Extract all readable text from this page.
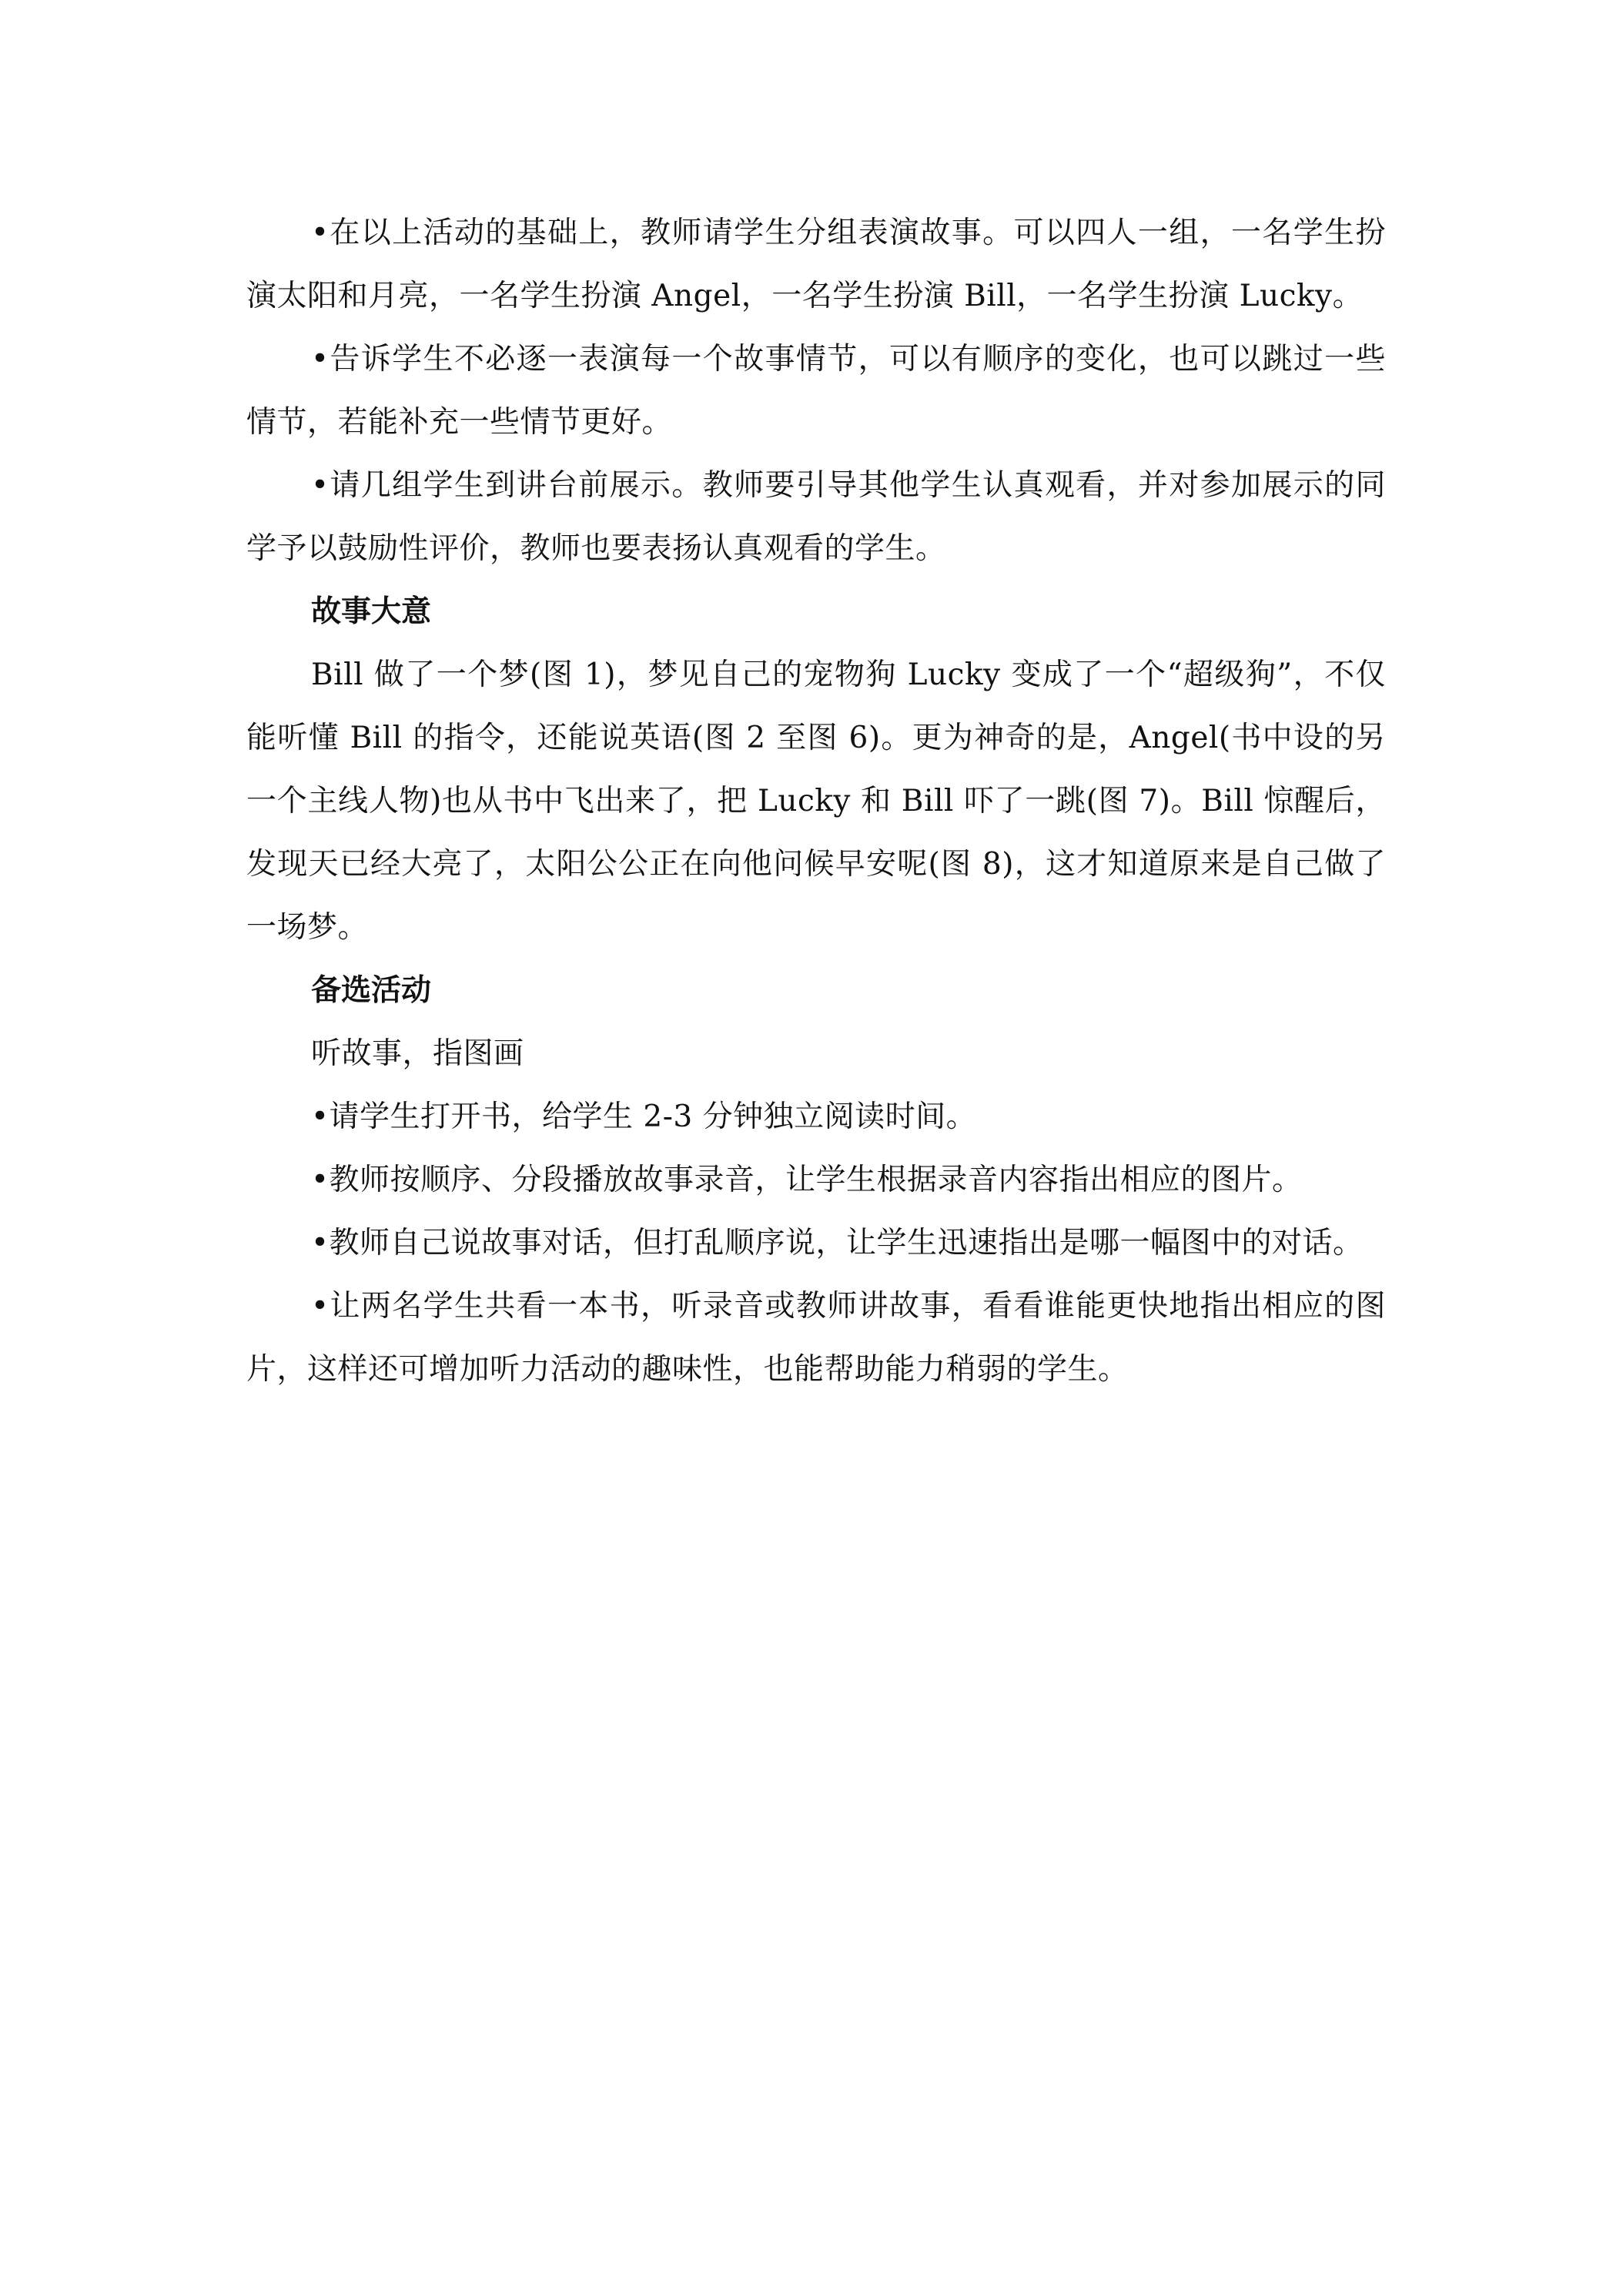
•在以上活动的基础上，教师请学生分组表演故事。可以四人一组，一名学生扮演太阳和月亮，一名学生扮演 Angel，一名学生扮演 Bill，一名学生扮演 Lucky。

•告诉学生不必逐一表演每一个故事情节，可以有顺序的变化，也可以跳过一些情节，若能补充一些情节更好。

•请几组学生到讲台前展示。教师要引导其他学生认真观看，并对参加展示的同学予以鼓励性评价，教师也要表扬认真观看的学生。

故事大意

Bill 做了一个梦(图 1)，梦见自己的宠物狗 Lucky 变成了一个“超级狗”，不仅能听懂 Bill 的指令，还能说英语(图 2 至图 6)。更为神奇的是，Angel(书中设的另一个主线人物)也从书中飞出来了，把 Lucky 和 Bill 吓了一跳(图 7)。Bill 惊醒后，发现天已经大亮了，太阳公公正在向他问候早安呢(图 8)，这才知道原来是自己做了一场梦。

备选活动

听故事，指图画

•请学生打开书，给学生 2-3 分钟独立阅读时间。

•教师按顺序、分段播放故事录音，让学生根据录音内容指出相应的图片。

•教师自己说故事对话，但打乱顺序说，让学生迅速指出是哪一幅图中的对话。

•让两名学生共看一本书，听录音或教师讲故事，看看谁能更快地指出相应的图片，这样还可增加听力活动的趣味性，也能帮助能力稍弱的学生。
